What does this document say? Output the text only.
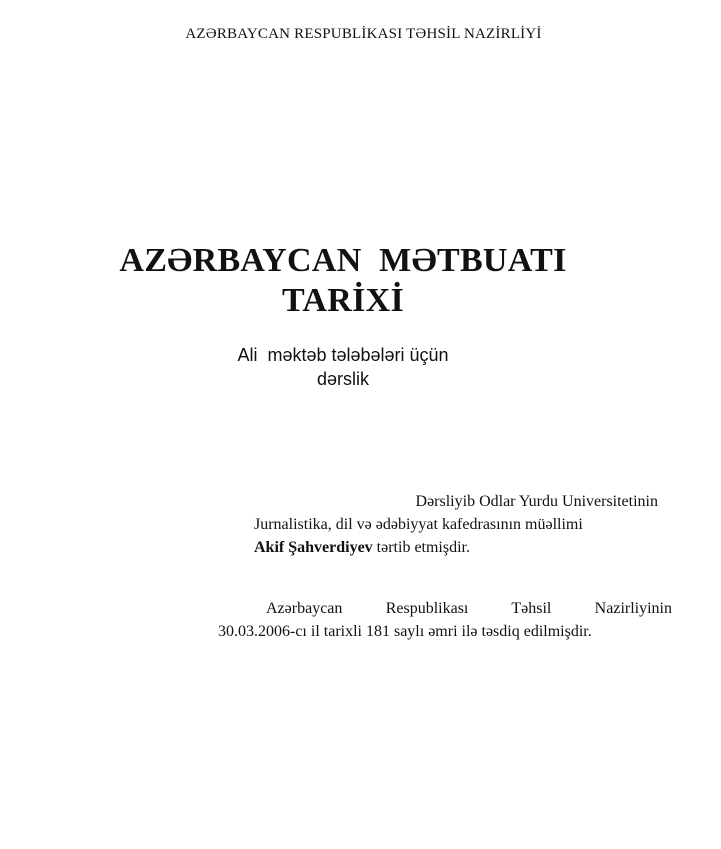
AZƏRBAYCAN RESPUBLİKASI TƏHSİL NAZİRLİYİ
AZƏRBAYCAN  MƏTBUATI
TARİXİ
Ali  məktəb tələbələri üçün
dərslik
Dərsliyib Odlar Yurdu Universitetinin
Jurnalistika, dil və ədəbiyyat kafedrasının müəllimi
Akif Şahverdiyev tərtib etmişdir.
Azərbaycan Respublikası Təhsil Nazirliyinin
30.03.2006-cı il tarixli 181 saylı əmri ilə təsdiq edilmişdir.
